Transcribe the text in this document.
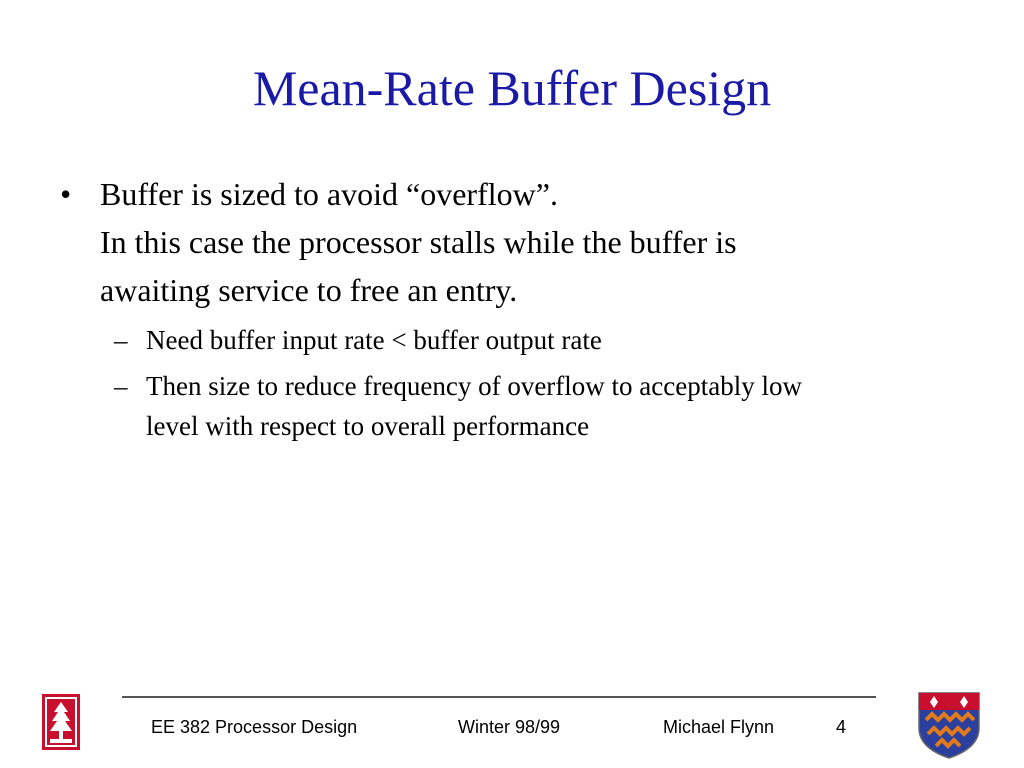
Mean-Rate Buffer Design
• Buffer is sized to avoid “overflow”.
In this case the processor stalls while the buffer is
awaiting service to free an entry.
– Need buffer input rate < buffer output rate
– Then size to reduce frequency of overflow to acceptably low
level with respect to overall performance
EE 382 Processor Design	Winter 98/99	Michael Flynn	4
